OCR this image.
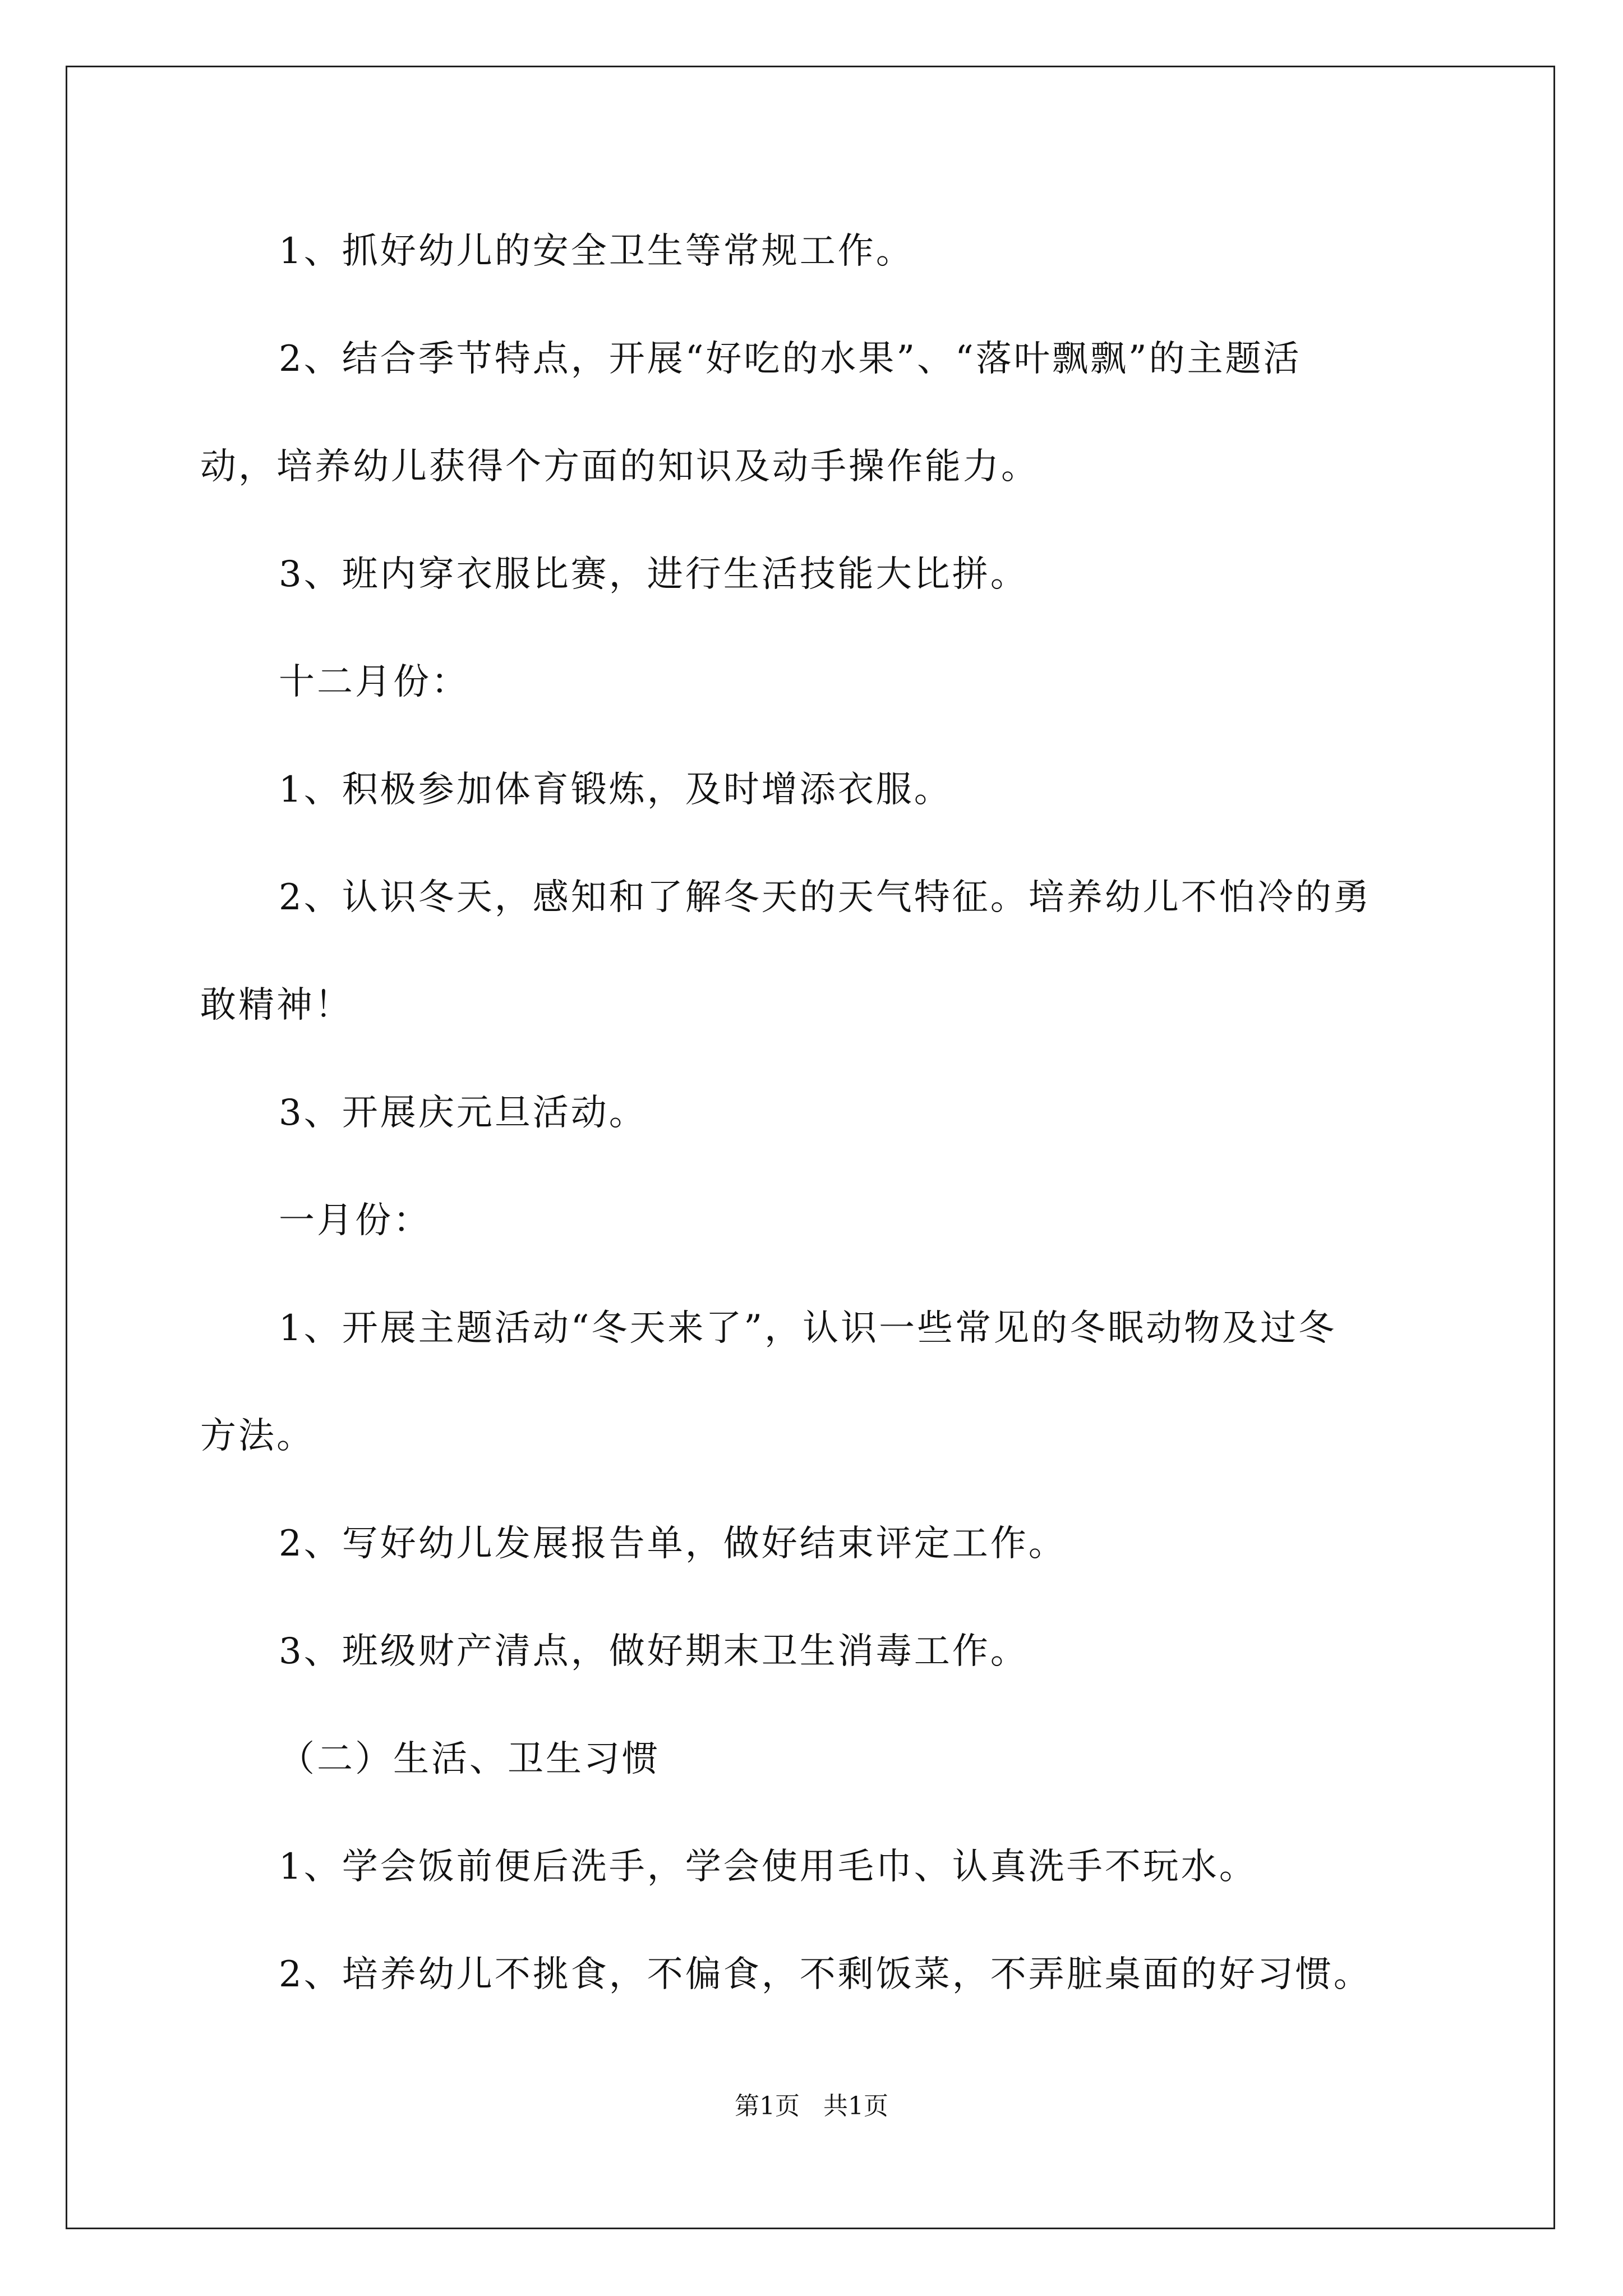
1、抓好幼儿的安全卫生等常规工作。
2、结合季节特点，开展“好吃的水果”、“落叶飘飘”的主题活
动，培养幼儿获得个方面的知识及动手操作能力。
3、班内穿衣服比赛，进行生活技能大比拼。
十二月份：
1、积极参加体育锻炼，及时增添衣服。
2、认识冬天，感知和了解冬天的天气特征。培养幼儿不怕冷的勇
敢精神！
3、开展庆元旦活动。
一月份：
1、开展主题活动“冬天来了”，认识一些常见的冬眠动物及过冬
方法。
2、写好幼儿发展报告单，做好结束评定工作。
3、班级财产清点，做好期末卫生消毒工作。
（二）生活、卫生习惯
1、学会饭前便后洗手，学会使用毛巾、认真洗手不玩水。
2、培养幼儿不挑食，不偏食，不剩饭菜，不弄脏桌面的好习惯。
第1页   共1页
